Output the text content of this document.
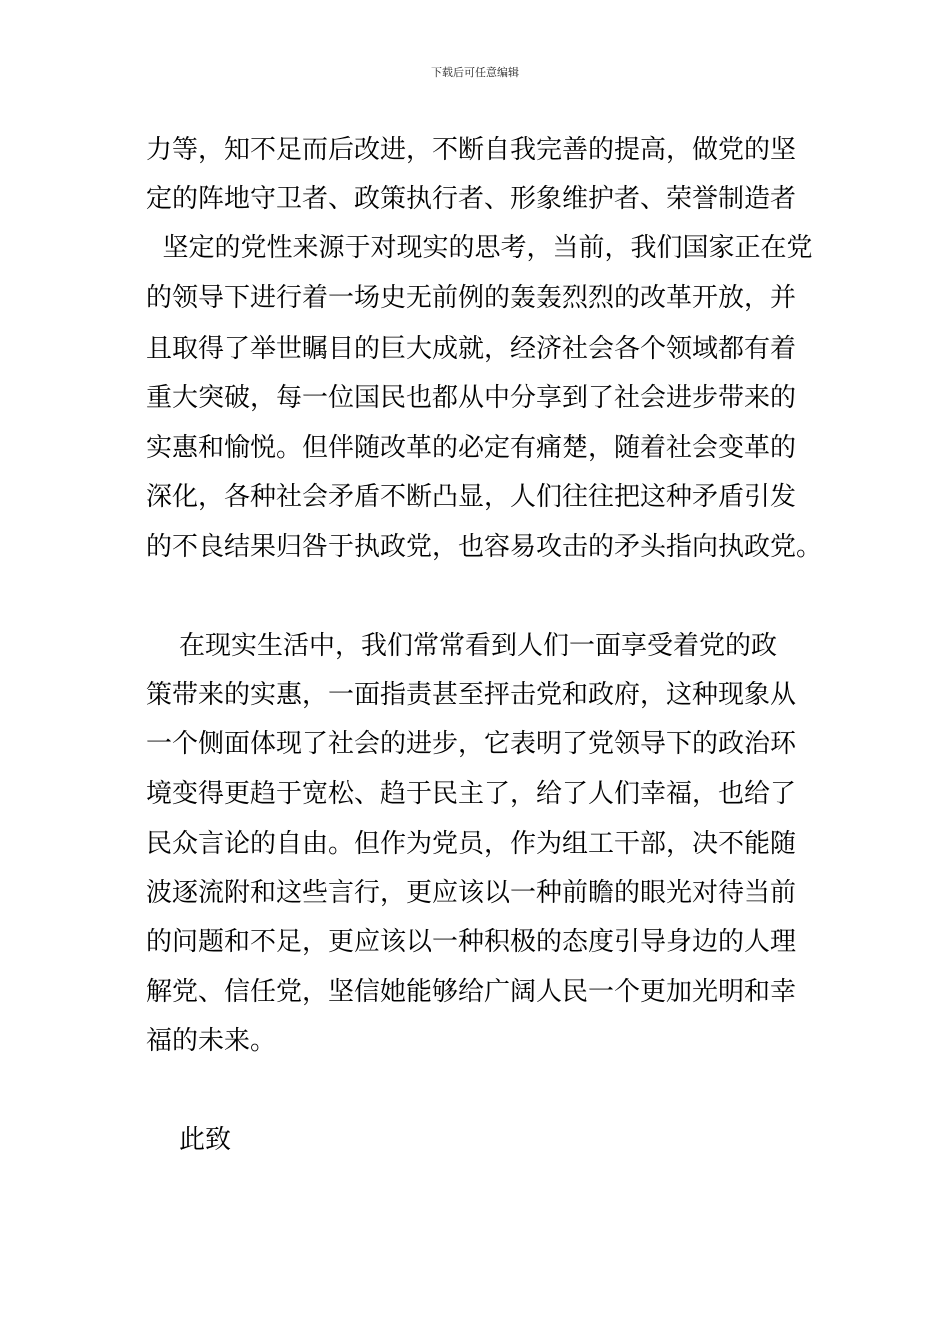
下载后可任意编辑
力等，知不足而后改进，不断自我完善的提高，做党的坚
定的阵地守卫者、政策执行者、形象维护者、荣誉制造者
坚定的党性来源于对现实的思考，当前，我们国家正在党
的领导下进行着一场史无前例的轰轰烈烈的改革开放，并
且取得了举世瞩目的巨大成就，经济社会各个领域都有着
重大突破，每一位国民也都从中分享到了社会进步带来的
实惠和愉悦。但伴随改革的必定有痛楚，随着社会变革的
深化，各种社会矛盾不断凸显，人们往往把这种矛盾引发
的不良结果归咎于执政党，也容易攻击的矛头指向执政党。
在现实生活中，我们常常看到人们一面享受着党的政
策带来的实惠，一面指责甚至抨击党和政府，这种现象从
一个侧面体现了社会的进步，它表明了党领导下的政治环
境变得更趋于宽松、趋于民主了，给了人们幸福，也给了
民众言论的自由。但作为党员，作为组工干部，决不能随
波逐流附和这些言行，更应该以一种前瞻的眼光对待当前
的问题和不足，更应该以一种积极的态度引导身边的人理
解党、信任党，坚信她能够给广阔人民一个更加光明和幸
福的未来。
此致
